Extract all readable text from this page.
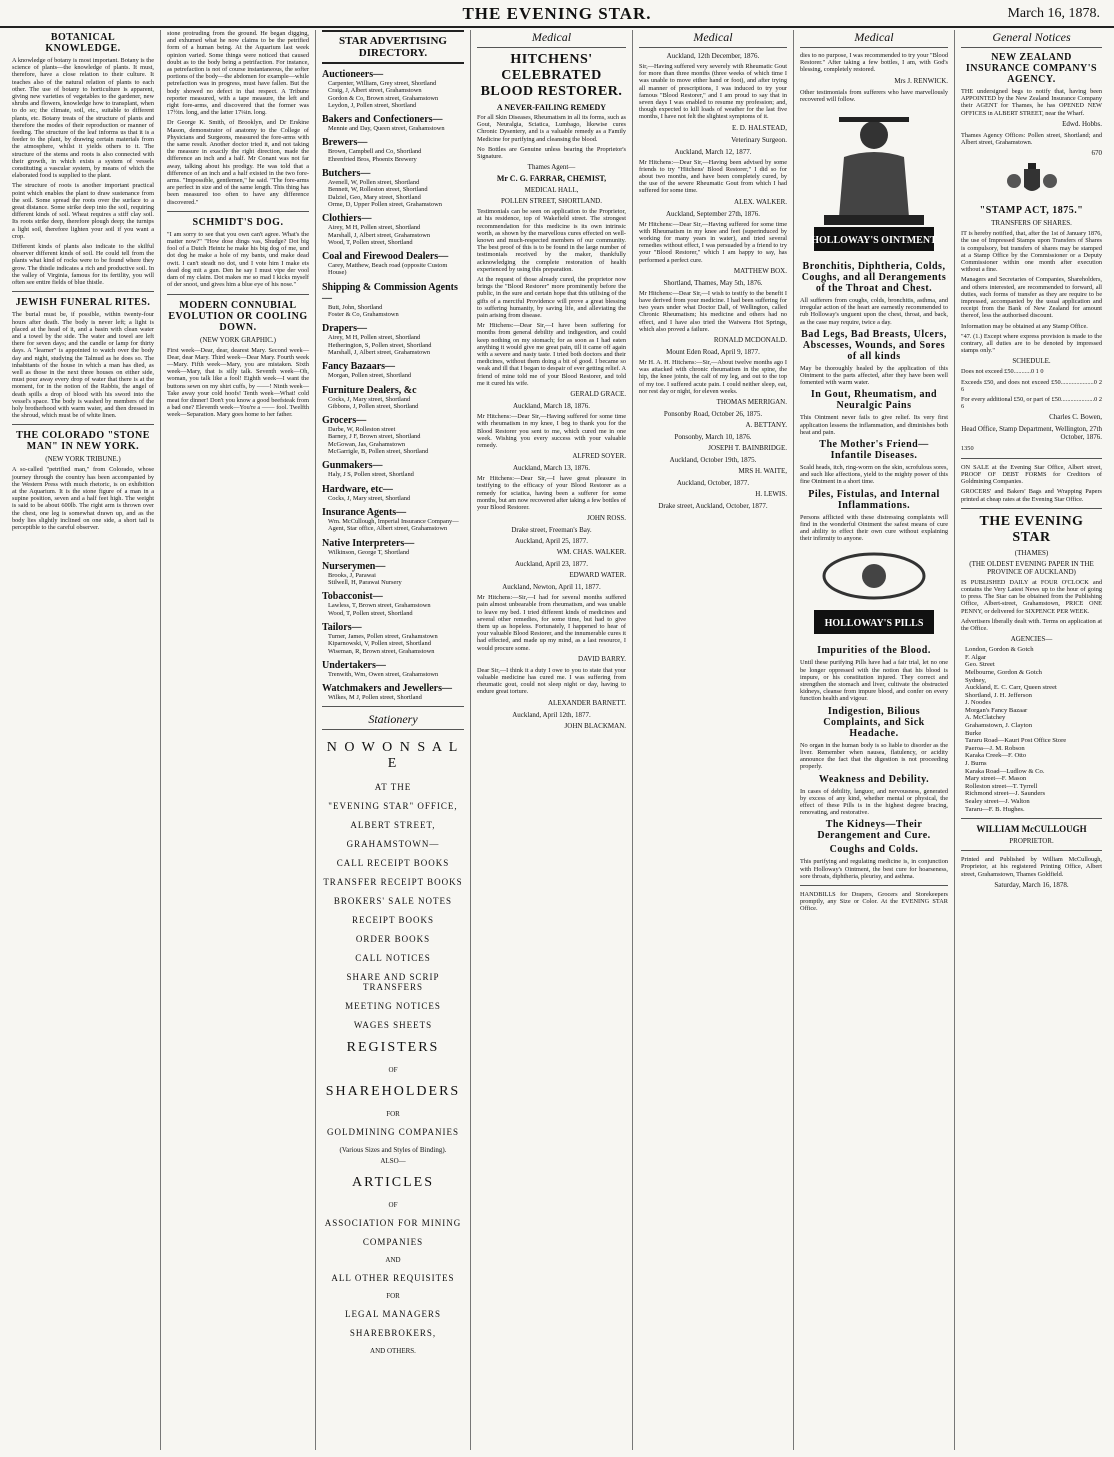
THE EVENING STAR.	March 16, 1878.
BOTANICAL KNOWLEDGE.

A knowledge of botany is most important. Botany is the science of plants—the knowledge of plants. It must, therefore, have a close relation to their culture. It teaches also of the natural relation of plants to each other. The use of botany to horticulture is apparent, giving new varieties of vegetables to the gardener, new shrubs and flowers, knowledge how to transplant, when to do so; the climate, soil, etc., suitable to different plants, etc. Botany treats of the structure of plants and therefore the modes of their reproduction or manner of feeding. The structure of the leaf informs us that it is a feeder to the plant, by drawing certain materials from the atmosphere, whilst it yields others to it. The structure of the stems and roots is also connected with their growth, in which exists a system of vessels constituting a vascular system, by means of which the elaborated food is supplied to the plant.

The structure of roots is another important practical point which enables the plant to draw sustenance from the soil. Some spread the roots over the surface to a great distance. Some strike deep into the soil, requiring different kinds of soil. Wheat requires a stiff clay soil. Its roots strike deep, therefore plough deep; the turnips a light soil, therefore lighten your soil if you want a crop.

Different kinds of plants also indicate to the skilful observer different kinds of soil. He could tell from the plants what kind of rocks were to be found where they grow. The thistle indicates a rich and productive soil. In the valley of Virginia, famous for its fertility, you will often see entire fields of blue thistle.

JEWISH FUNERAL RITES.

The burial must be, if possible, within twenty-four hours after death. The body is never left; a light is placed at the head of it, and a basin with clean water and a towel by the side. The water and towel are left there for seven days; and the candle or lamp for thirty days. A "learner" is appointed to watch over the body day and night, studying the Talmud as he does so. The inhabitants of the house in which a man has died, as well as those in the next three houses on either side, must pour away every drop of water that there is at the moment, for in the notion of the Rabbis, the angel of death spills a drop of blood with his sword into the vessel's space. The body is washed by members of the holy brotherhood with warm water, and then dressed in the shroud, which must be of white linen.

THE COLORADO "STONE MAN" IN NEW YORK.
(NEW YORK TRIBUNE.)

A so-called "petrified man," from Colorado, whose journey through the country has been accompanied by the Western Press with much rhetoric, is on exhibition at the Aquarium. It is the stone figure of a man in a supine position, seven and a half feet high. The weight is said to be about 600lb. The right arm is thrown over the chest, one leg is somewhat drawn up, and as the body lies slightly inclined on one side, a short tail is perceptible to the careful observer.

stone protruding from the ground. He began digging, and exhumed what he now claims to be the petrified form of a human being. At the Aquarium last week opinion varied. Some things were noticed that caused doubt as to the body being a petrifaction. For instance, as petrefaction is not of course instantaneous, the softer portions of the body—the abdomen for example—while petrefaction was in progress, must have fallen. But the body showed no defect in that respect. A Tribune reporter measured, with a tape measure, the left and right fore-arms, and discovered that the former was 17½in. long, and the latter 17¼in. long.

Dr George K. Smith, of Brooklyn, and Dr Erskine Mason, demonstrator of anatomy to the College of Physicians and Surgeons, measured the fore-arms with the same result. Another doctor tried it, and not taking the measure in exactly the right direction, made the difference an inch and a half. Mr Conant was not far away, talking about his prodigy. He was told that a difference of an inch and a half existed in the two fore-arms. "Impossible, gentlemen," he said. "The fore-arms are perfect in size and of the same length. This thing has been measured too often to have any difference discovered."

SCHMIDT'S DOG.

"I am sorry to see that you own can't agree. What's the matter now?" "How dose dings vas, Shudge? Dot big fool of a Dutch Heintz he make his big dog of me, und dot dog he make a hole of my bants, und make dead owit. I can't steadt no dot, und I vote him I make eis dead dog mit a gun. Den he say I must vipe der vool dam of my claim. Dot makes me so mad I kicks myself of der snoot, und gives him a blue eye of his nose."

MODERN CONNUBIAL EVOLUTION OR COOLING DOWN.
(NEW YORK GRAPHIC.)

First week—Dear, dear, dearest Mary. Second week—Dear, dear Mary. Third week—Dear Mary. Fourth week—Mary. Fifth week—Mary, you are mistaken. Sixth week—Mary, that is silly talk. Seventh week—Oh, woman, you talk like a fool! Eighth week—I want the buttons sewn on my shirt cuffs, by ——! Ninth week—Take away your cold hoofs! Tenth week—What! cold meat for dinner! Don't you know a good beefsteak from a bad one? Eleventh week—You're a —— fool. Twelfth week—Separation. Mary goes home to her father.

STAR ADVERTISING DIRECTORY.
Auctioneers—
Carpenter, William, Grey street, Shortland
Craig, J, Albert street, Grahamstown
Gordon & Co, Brown street, Grahamstown
Leydon, J, Pollen street, Shortland
Bakers and Confectioners—
Mennie and Day, Queen street, Grahamstown
Brewers—
Brown, Campbell and Co, Shortland
Ehrenfried Bros, Phoenix Brewery
Butchers—
Avenell, W, Pollen street, Shortland
Bennett, W, Rolleston street, Shortland
Dalziel, Geo, Mary street, Shortland
Orme, D, Upper Pollen street, Grahamstown
Clothiers—
Airey, M H, Pollen street, Shortland
Marshall, J, Albert street, Grahamstown
Wood, T, Pollen street, Shortland
Coal and Firewood Dealers—
Carey, Matthew, Beach road (opposite Custom House)
Shipping & Commission Agents—
Butt, John, Shortland
Foster & Co, Grahamstown
Drapers—
Airey, M H, Pollen street, Shortland
Hetherington, S, Pollen street, Shortland
Marshall, J, Albert street, Grahamstown
Fancy Bazaars—
Morgan, Pollen street, Shortland
Furniture Dealers, &c
Cocks, J, Mary street, Shortland
Gibbons, J, Pollen street, Shortland
Grocers—
Darbe, W, Rolleston street
Barney, J F, Brown street, Shortland
McGowan, Jas, Grahamstown
McGarrigle, B, Pollen street, Shortland
Gunmakers—
Haly, J S, Pollen street, Shortland
Hardware, etc—
Cocks, J, Mary street, Shortland
Insurance Agents—
Wm. McCullough, Imperial Insurance Company—Agent, Star office, Albert street, Grahamstown
Native Interpreters—
Wilkinson, George T, Shortland
Nurserymen—
Brooks, J, Parawai
Stilwell, H, Parawai Nursery
Tobacconist—
Lawless, T, Brown street, Grahamstown
Wood, T, Pollen street, Shortland
Tailors—
Turner, James, Pollen street, Grahamstown
Kiparnowski, V, Pollen street, Shortland
Wiseman, R, Brown street, Grahamstown
Undertakers—
Trenwith, Wm, Owen street, Grahamstown
Watchmakers and Jewellers—
Wilkes, M J, Pollen street, Shortland
Stationery
N O W O N S A L E
AT THE
"EVENING STAR" OFFICE,
ALBERT STREET,
GRAHAMSTOWN—
CALL RECEIPT BOOKS
TRANSFER RECEIPT BOOKS
BROKERS' SALE NOTES
RECEIPT BOOKS
ORDER BOOKS
CALL NOTICES
SHARE AND SCRIP TRANSFERS
MEETING NOTICES
WAGES SHEETS
REGISTERS
OF
SHAREHOLDERS
FOR
GOLDMINING COMPANIES
(Various Sizes and Styles of Binding).
ALSO—
ARTICLES
OF
ASSOCIATION FOR MINING
COMPANIES
AND
ALL OTHER REQUISITES
FOR
LEGAL MANAGERS
SHAREBROKERS,
AND OTHERS.
Medical
HITCHENS' CELEBRATED BLOOD RESTORER.
A NEVER-FAILING REMEDY

For all Skin Diseases, Rheumatism in all its forms, such as Gout, Neuralgia, Sciatica, Lumbago, likewise cures Chronic Dysentery, and is a valuable remedy as a Family Medicine for purifying and cleansing the blood.

No Bottles are Genuine unless bearing the Proprietor's Signature.

Thames Agent—
Mr C. G. FARRAR, CHEMIST,
MEDICAL HALL,
POLLEN STREET, SHORTLAND.

Testimonials can be seen on application to the Proprietor, at his residence, top of Wakefield street. The strongest recommendation for this medicine is its own intrinsic worth, as shown by the marvellous cures effected on well-known and much-respected members of our community. The best proof of this is to be found in the large number of testimonials received by the maker, thankfully acknowledging the complete restoration of health experienced by using this preparation.

At the request of those already cured, the proprietor now brings the "Blood Restorer" more prominently before the public, in the sure and certain hope that this utilising of the gifts of a merciful Providence will prove a great blessing to suffering humanity, by saving life, and alleviating the pain arising from disease.

Mr Hitchens:—Dear Sir,—I have been suffering for months from general debility and indigestion, and could keep nothing on my stomach; for as soon as I had eaten anything it would give me great pain, till it came off again with a severe and nasty taste. I tried both doctors and their medicines, without them doing a bit of good. I became so weak and ill that I began to despair of ever getting relief. A friend of mine told me of your Blood Restorer, and told me it cured his wife.

GERALD GRACE.
Auckland, March 18, 1876.

Mr Hitchens:—Dear Sir,—Having suffered for some time with rheumatism in my knee, I beg to thank you for the Blood Restorer you sent to me, which cured me in one week. Wishing you every success with your valuable remedy.

ALFRED SOYER.
Auckland, March 13, 1876.

Mr Hitchens:—Dear Sir,—I have great pleasure in testifying to the efficacy of your Blood Restorer as a remedy for sciatica, having been a sufferer for some months, but am now recovered after taking a few bottles of your Blood Restorer.

JOHN ROSS.
Drake street, Freeman's Bay.
Auckland, April 25, 1877.
WM. CHAS. WALKER.
Auckland, April 23, 1877.
EDWARD WATER.
Auckland, Newton, April 11, 1877.

Mr Hitchens:—Sir,—I had for several months suffered pain almost unbearable from rheumatism, and was unable to leave my bed. I tried different kinds of medicines and several other remedies, for some time, but had to give them up as hopeless. Fortunately, I happened to hear of your valuable Blood Restorer, and the innumerable cures it had effected, and made up my mind, as a last resource, I would procure some.

DAVID BARRY.

Dear Sir,—I think it a duty I owe to you to state that your valuable medicine has cured me. I was suffering from rheumatic gout, could not sleep night or day, having to endure great torture.

ALEXANDER BARNETT.
Auckland, April 12th, 1877.
JOHN BLACKMAN.
Medical
Auckland, 12th December, 1876.

Sir,—Having suffered very severely with Rheumatic Gout for more than three months (three weeks of which time I was unable to move either hand or foot), and after trying all manner of prescriptions, I was induced to try your famous "Blood Restorer," and I am proud to say that in seven days I was enabled to resume my profession; and, though expected to kill loads of weather for the last five months, I have not felt the slightest symptoms of it.

E. D. HALSTEAD,
Veterinary Surgeon.
Auckland, March 12, 1877.

Mr Hitchens:—Dear Sir,—Having been advised by some friends to try "Hitchens' Blood Restorer," I did so for about two months, and have been completely cured, by the use of the severe Rheumatic Gout from which I had suffered for some time.

ALEX. WALKER.
Auckland, September 27th, 1876.

Mr Hitchens:—Dear Sir,—Having suffered for some time with Rheumatism in my knee and feet (superinduced by working for many years in water), and tried several remedies without effect, I was persuaded by a friend to try your "Blood Restorer," which I am happy to say, has performed a perfect cure.

MATTHEW BOX.
Shortland, Thames, May 5th, 1876.

Mr Hitchens:—Dear Sir,—I wish to testify to the benefit I have derived from your medicine. I had been suffering for two years under what Doctor Dall, of Wellington, called Chronic Rheumatism; his medicine and others had no effect, and I have also tried the Waiwera Hot Springs, which also proved a failure.

RONALD MCDONALD.
Mount Eden Road, April 9, 1877.

Mr H. A. H. Hitchens:—Sir,—About twelve months ago I was attacked with chronic rheumatism in the spine, the hip, the knee joints, the calf of my leg, and out to the top of my toe. I suffered acute pain. I could neither sleep, eat, nor rest day or night, for eleven weeks.

THOMAS MERRIGAN.
Ponsonby Road, October 26, 1875.
A. BETTANY.
Ponsonby, March 10, 1876.
JOSEPH T. BAINBRIDGE.
Auckland, October 19th, 1875.
MRS H. WAITE,
Auckland, October, 1877.
H. LEWIS.
Drake street, Auckland, October, 1877.
Medical

dies to no purpose, I was recommended to try your "Blood Restorer." After taking a few bottles, I am, with God's blessing, completely restored.

Mrs J. RENWICK.

Other testimonials from sufferers who have marvellously recovered will follow.

HOLLOWAY'S OINTMENT
Bronchitis, Diphtheria, Colds, Coughs, and all Derangements of the Throat and Chest.

All sufferers from coughs, colds, bronchitis, asthma, and irregular action of the heart are earnestly recommended to rub Holloway's unguent upon the chest, throat, and back, as the case may require, twice a day.

Bad Legs, Bad Breasts, Ulcers, Abscesses, Wounds, and Sores of all kinds

May be thoroughly healed by the application of this Ointment to the parts affected, after they have been well fomented with warm water.

In Gout, Rheumatism, and Neuralgic Pains

This Ointment never fails to give relief. Its very first application lessens the inflammation, and diminishes both heat and pain.

The Mother's Friend—Infantile Diseases.

Scald heads, itch, ring-worm on the skin, scrofulous sores, and such like affections, yield to the mighty power of this fine Ointment in a short time.

Piles, Fistulas, and Internal Inflammations.

Persons afflicted with these distressing complaints will find in the wonderful Ointment the safest means of cure and ability to effect their own cure without explaining their infirmity to anyone.

HOLLOWAY'S PILLS
Impurities of the Blood.

Until these purifying Pills have had a fair trial, let no one be longer oppressed with the notion that his blood is impure, or his constitution injured. They correct and strengthen the stomach and liver, cultivate the obstructed kidneys, cleanse from impure blood, and confer on every function health and vigour.

Indigestion, Bilious Complaints, and Sick Headache.

No organ in the human body is so liable to disorder as the liver. Remember when nausea, flatulency, or acidity announce the fact that the digestion is not proceeding properly.

Weakness and Debility.

In cases of debility, languor, and nervousness, generated by excess of any kind, whether mental or physical, the effect of these Pills is in the highest degree bracing, renovating, and restorative.

The Kidneys—Their Derangement and Cure.
Coughs and Colds.

This purifying and regulating medicine is, in conjunction with Holloway's Ointment, the best cure for hoarseness, sore throats, diphtheria, pleurisy, and asthma.

HANDBILLS for Drapers, Grocers and Storekeepers promptly, any Size or Color. At the EVENING STAR Office.

General Notices
NEW ZEALAND INSURANCE COMPANY'S AGENCY.

THE undersigned begs to notify that, having been APPOINTED by the New Zealand Insurance Company their AGENT for Thames, he has OPENED NEW OFFICES in ALBERT STREET, near the Wharf.

Edwd. Hobbs.

Thames Agency Offices: Pollen street, Shortland; and Albert street, Grahamstown.

670
"STAMP ACT, 1875."
TRANSFERS OF SHARES.

IT is hereby notified, that, after the 1st of January 1876, the use of Impressed Stamps upon Transfers of Shares is compulsory, but transfers of shares may be stamped at a Stamp Office by the Commissioner or a Deputy Commissioner within one month after execution without a fine.

Managers and Secretaries of Companies, Shareholders, and others interested, are recommended to forward, all duties, such forms of transfer as they are require to be impressed, accompanied by the usual application and receipt from the Bank of New Zealand for amount thereof, less the authorised discount.

Information may be obtained at any Stamp Office.

"47. (1.) Except where express provision is made to the contrary, all duties are to be denoted by impressed stamps only."

SCHEDULE.
Does not exceed £50...........0 1 0
Exceeds £50, and does not exceed £50.....................0 2 6
For every additional £50, or part of £50.....................0 2 6
Charles C. Bowen,
Head Office, Stamp Department, Wellington, 27th October, 1876.
1350

ON SALE at the Evening Star Office, Albert street, PROOF OF DEBT FORMS for Creditors of Goldmining Companies.

GROCERS' and Bakers' Bags and Wrapping Papers printed at cheap rates at the Evening Star Office.

THE EVENING STAR
(THAMES)
(THE OLDEST EVENING PAPER IN THE PROVINCE OF AUCKLAND)

IS PUBLISHED DAILY at FOUR O'CLOCK and contains the Very Latest News up to the hour of going to press. The Star can be obtained from the Publishing Office, Albert-street, Grahamstown, PRICE ONE PENNY, or delivered for SIXPENCE PER WEEK.

Advertisers liberally dealt with. Terms on application at the Office.

AGENCIES—
London, Gordon & Gotch
F. Algar
Geo. Street
Melbourne, Gordon & Gotch
Sydney,
Auckland, E. C. Carr, Queen street
Shortland, J. H. Jefferson
J. Noodes
Morgan's Fancy Bazaar
A. McClatchey
Grahamstown, J. Clayton
Burke
Tararu Road—Kauri Post Office Store
Paeroa—J. M. Robson
Karaka Creek—F. Otto
J. Burns
Karaka Road—Ludlow & Co.
Mary street—F. Mason
Rolleston street—T. Tyrrell
Richmond street—J. Saunders
Sealey street—J. Walton
Tararu—F. B. Hughes.
WILLIAM McCULLOUGH
PROPRIETOR.

Printed and Published by William McCullough, Proprietor, at his registered Printing Office, Albert street, Grahamstown, Thames Goldfield.

Saturday, March 16, 1878.
